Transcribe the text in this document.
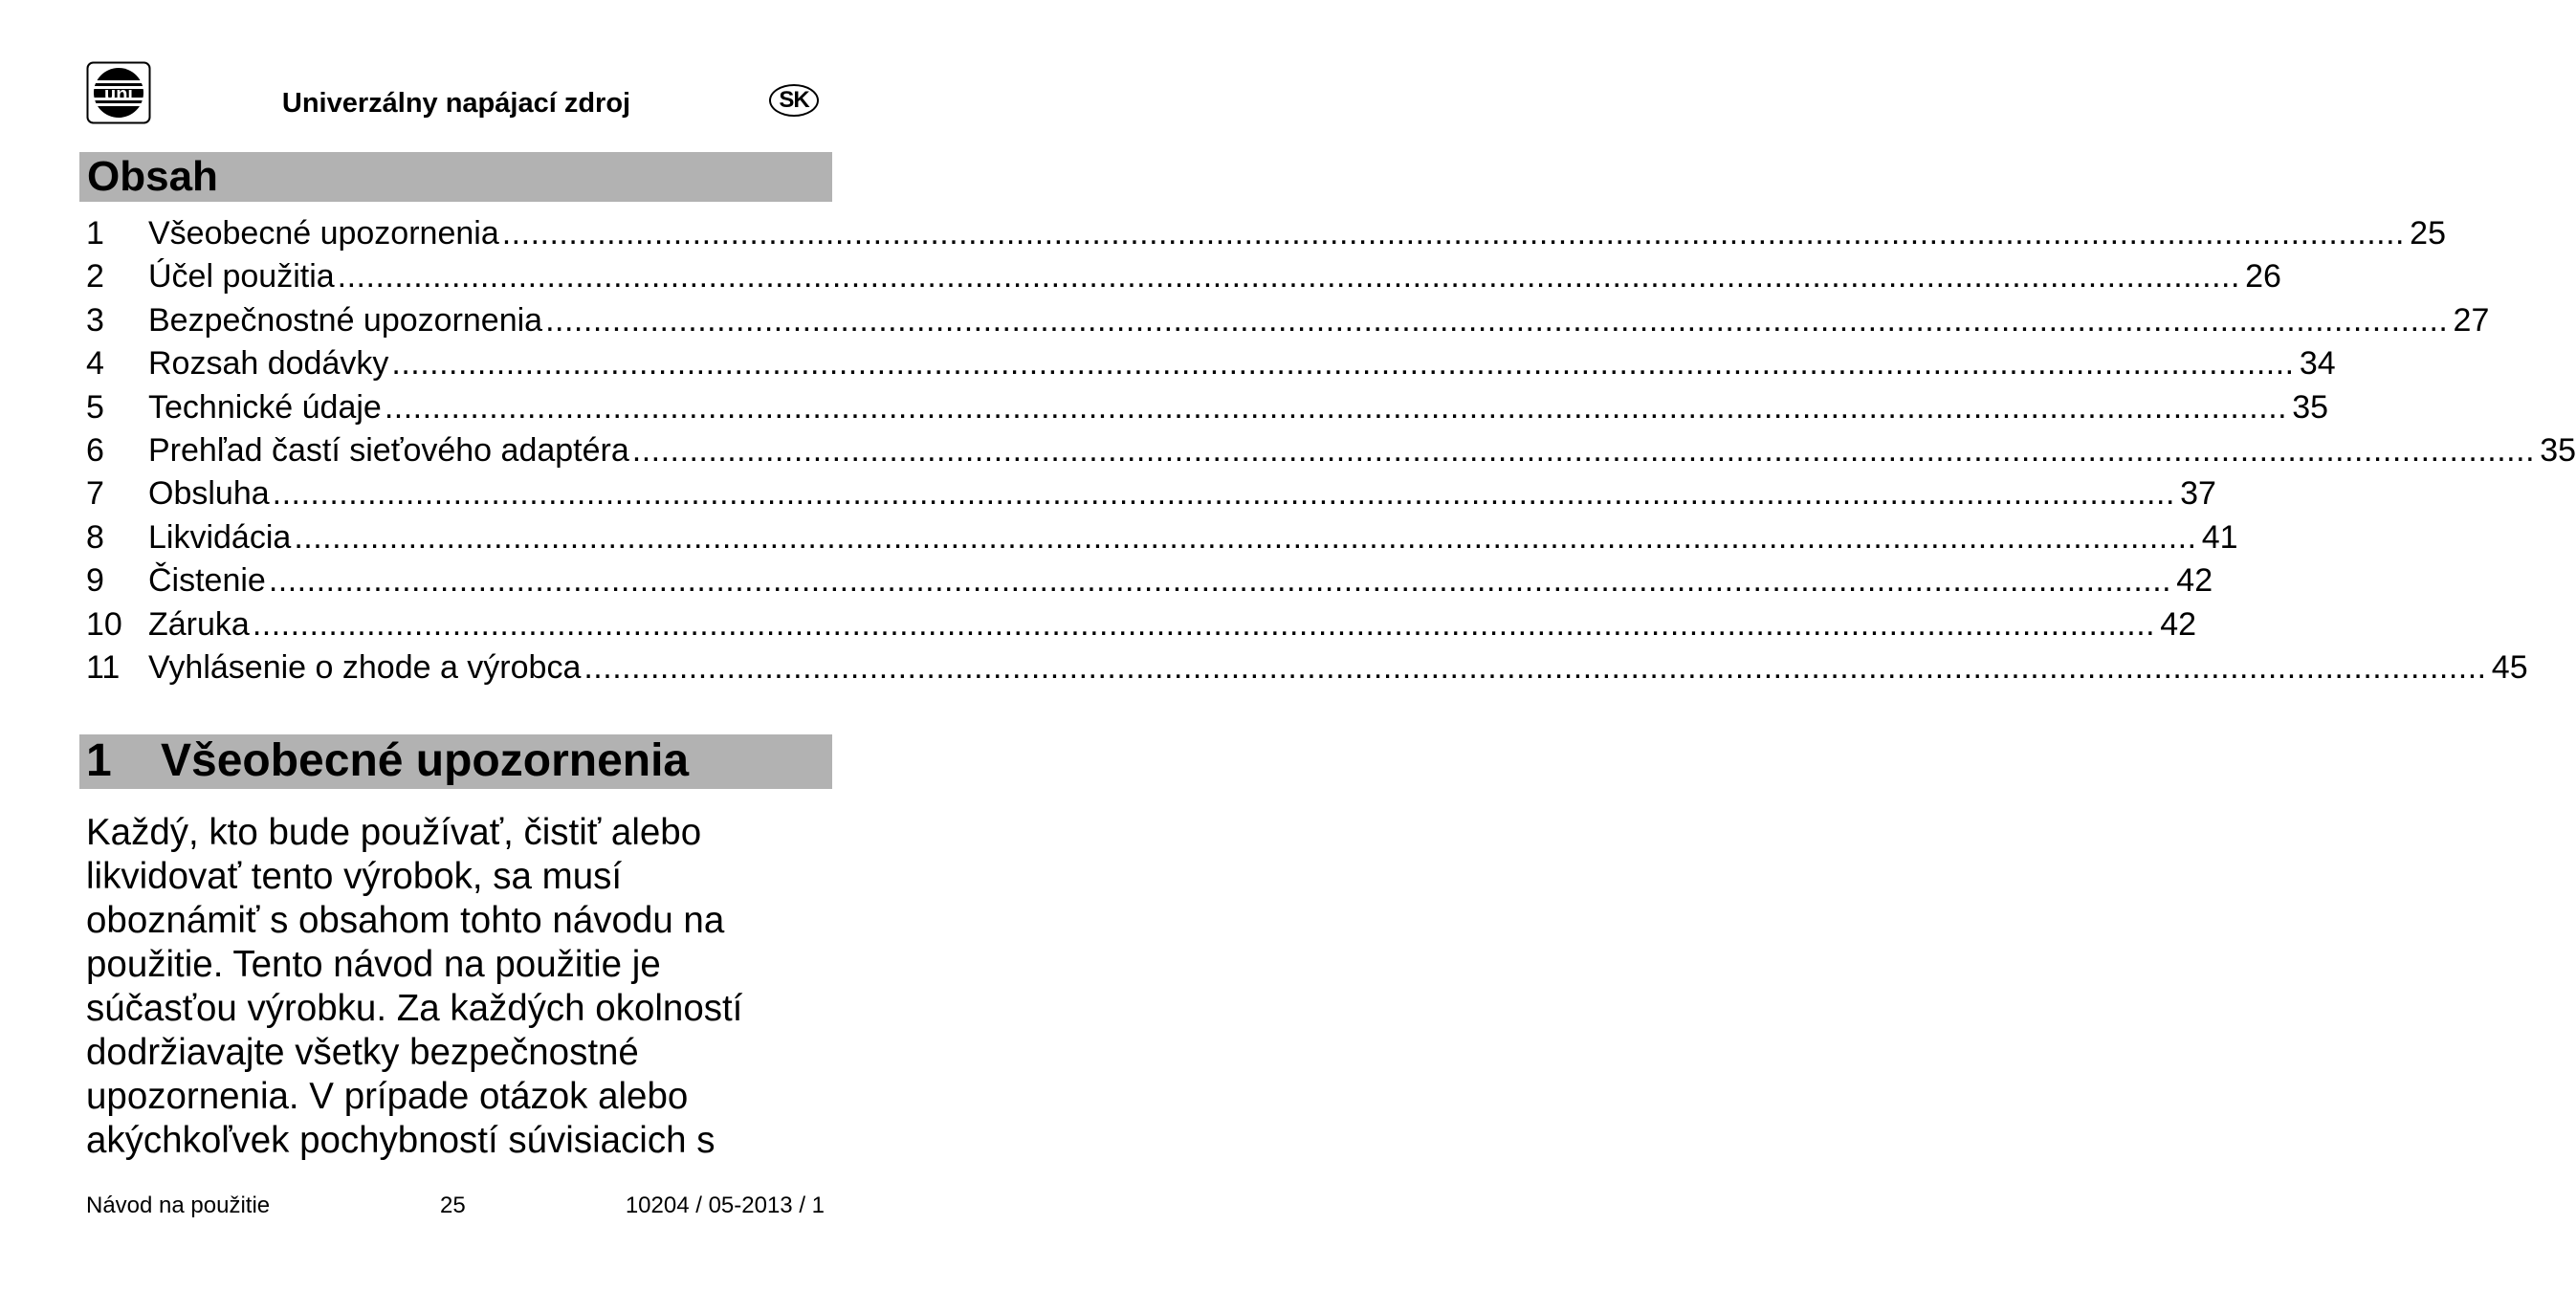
uni	Univerzálny napájací zdroj	SK
Obsah
1	Všeobecné upozornenia ........................................................................................................................................................................................................ 25
2	Účel použitia ........................................................................................................................................................................................................ 26
3	Bezpečnostné upozornenia ........................................................................................................................................................................................................ 27
4	Rozsah dodávky ........................................................................................................................................................................................................ 34
5	Technické údaje ........................................................................................................................................................................................................ 35
6	Prehľad častí sieťového adaptéra ........................................................................................................................................................................................................ 35
7	Obsluha ........................................................................................................................................................................................................ 37
8	Likvidácia ........................................................................................................................................................................................................ 41
9	Čistenie ........................................................................................................................................................................................................ 42
10 Záruka ........................................................................................................................................................................................................ 42
11 Vyhlásenie o zhode a výrobca ........................................................................................................................................................................................................ 45
1 Všeobecné upozornenia
Každý, kto bude používať, čistiť alebo
likvidovať tento výrobok, sa musí
oboznámiť s obsahom tohto návodu na
použitie. Tento návod na použitie je
súčasťou výrobku. Za každých okolností
dodržiavajte všetky bezpečnostné
upozornenia. V prípade otázok alebo
akýchkoľvek pochybností súvisiacich s
Návod na použitie	25	10204 / 05-2013 / 1
